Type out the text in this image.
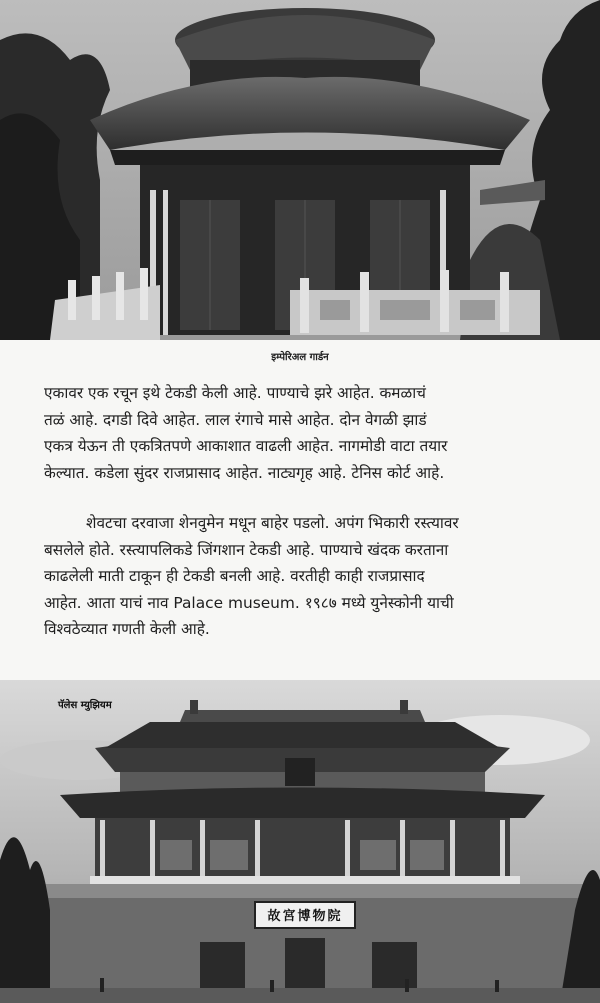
इम्पेरिअल गार्डन
एकावर एक रचून इथे टेकडी केली आहे. पाण्याचे झरे आहेत. कमळाचं
तळं आहे. दगडी दिवे आहेत. लाल रंगाचे मासे आहेत. दोन वेगळी झाडं
एकत्र येऊन ती एकत्रितपणे आकाशात वाढली आहेत. नागमोडी वाटा तयार
केल्यात. कडेला सुंदर राजप्रासाद आहेत. नाट्यगृह आहे. टेनिस कोर्ट आहे.
शेवटचा दरवाजा शेनवुमेन मधून बाहेर पडलो. अपंग भिकारी रस्त्यावर
बसलेले होते. रस्त्यापलिकडे जिंगशान टेकडी आहे. पाण्याचे खंदक करताना
काढलेली माती टाकून ही टेकडी बनली आहे. वरतीही काही राजप्रासाद
आहेत. आता याचं नाव Palace museum. १९८७ मध्ये युनेस्कोनी याची
विश्वठेव्यात गणती केली आहे.
故宮博物院
पॅलेस म्युझियम
